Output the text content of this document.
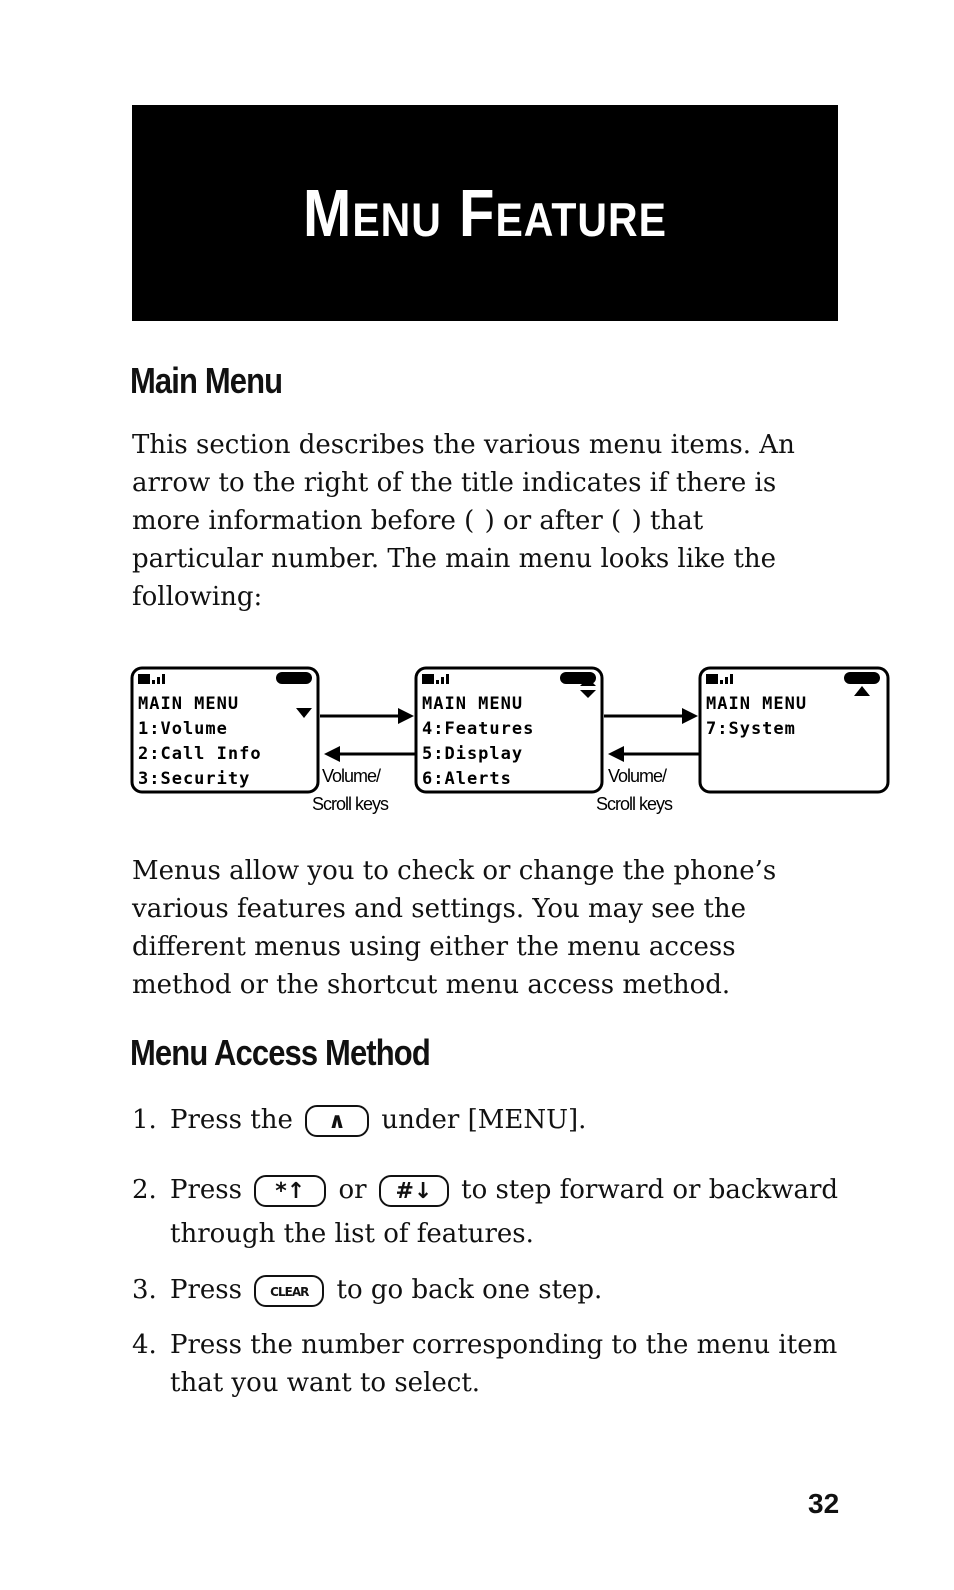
Menu Feature
Main Menu

This section describes the various menu items. An arrow to the right of the title indicates if there is more information before (  ) or after (  ) that particular number. The main menu looks like the following:

MAIN MENU
1:Volume
2:Call Info
3:Security	Volume/
Scroll keys
MAIN MENU
4:Features
5:Display
6:Alerts	Volume/
Scroll keys
MAIN MENU
7:System

Menus allow you to check or change the phone’s various features and settings. You may see the different menus using either the menu access method or the shortcut menu access method.

Menu Access Method
1. Press the ∧ under [MENU].
2. Press *↑ or #↓ to step forward or backward through the list of features.
3. Press CLEAR to go back one step.
4. Press the number corresponding to the menu item that you want to select.
32
